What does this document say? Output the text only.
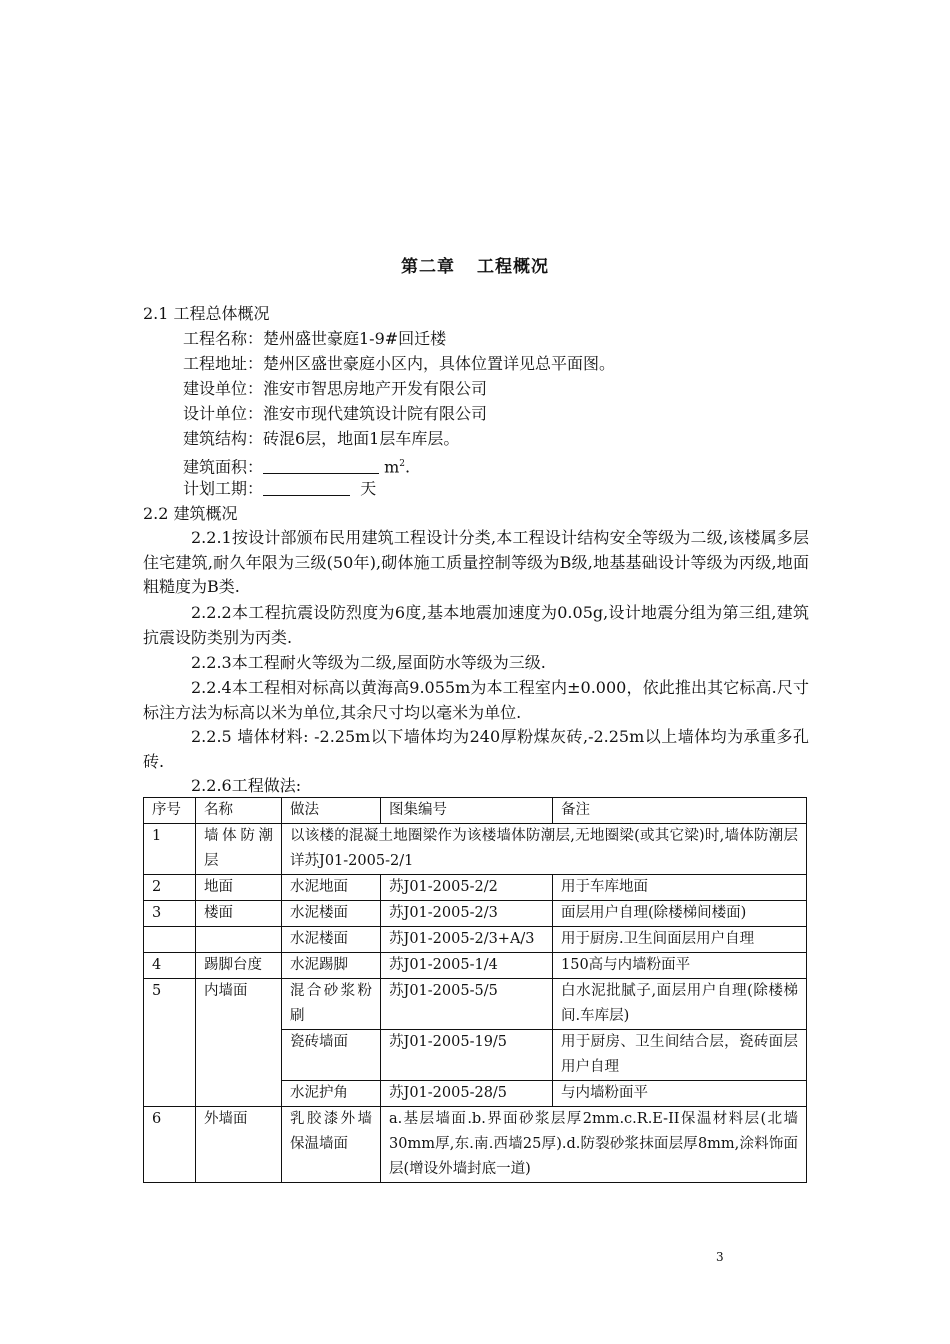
第二章 工程概况
2.1 工程总体概况
工程名称：楚州盛世豪庭1-9#回迁楼
工程地址：楚州区盛世豪庭小区内，具体位置详见总平面图。
建设单位：淮安市智思房地产开发有限公司
设计单位：淮安市现代建筑设计院有限公司
建筑结构：砖混6层，地面1层车库层。
建筑面积：	$m^2$.
计划工期：	天
2.2 建筑概况
2.2.1按设计部颁布民用建筑工程设计分类,本工程设计结构安全等级为二级,该楼属多层住宅建筑,耐久年限为三级(50年),砌体施工质量控制等级为B级,地基基础设计等级为丙级,地面粗糙度为B类.
2.2.2本工程抗震设防烈度为6度,基本地震加速度为0.05g,设计地震分组为第三组,建筑抗震设防类别为丙类.
2.2.3本工程耐火等级为二级,屋面防水等级为三级.
2.2.4本工程相对标高以黄海高9.055m为本工程室内±0.000，依此推出其它标高.尺寸标注方法为标高以米为单位,其余尺寸均以毫米为单位.
2.2.5 墙体材料: -2.25m以下墙体均为240厚粉煤灰砖,-2.25m以上墙体均为承重多孔砖.
2.2.6工程做法:
序号	名称	做法	图集编号	备注
1	墙体防潮层	以该楼的混凝土地圈梁作为该楼墙体防潮层,无地圈梁(或其它梁)时,墙体防潮层详苏J01-2005-2/1		
2	地面	水泥地面	苏J01-2005-2/2	用于车库地面
3	楼面	水泥楼面	苏J01-2005-2/3	面层用户自理(除楼梯间楼面)
		水泥楼面	苏J01-2005-2/3+A/3	用于厨房.卫生间面层用户自理
4	踢脚台度	水泥踢脚	苏J01-2005-1/4	150高与内墙粉面平
5	内墙面	混合砂浆粉刷	苏J01-2005-5/5	白水泥批腻子,面层用户自理(除楼梯间.车库层)
		瓷砖墙面	苏J01-2005-19/5	用于厨房、卫生间结合层，瓷砖面层用户自理
		水泥护角	苏J01-2005-28/5	与内墙粉面平
6	外墙面	乳胶漆外墙保温墙面	a.基层墙面.b.界面砂浆层厚2mm.c.R.E-II保温材料层(北墙30mm厚,东.南.西墙25厚).d.防裂砂浆抹面层厚8mm,涂料饰面层(增设外墙封底一道)	
3
